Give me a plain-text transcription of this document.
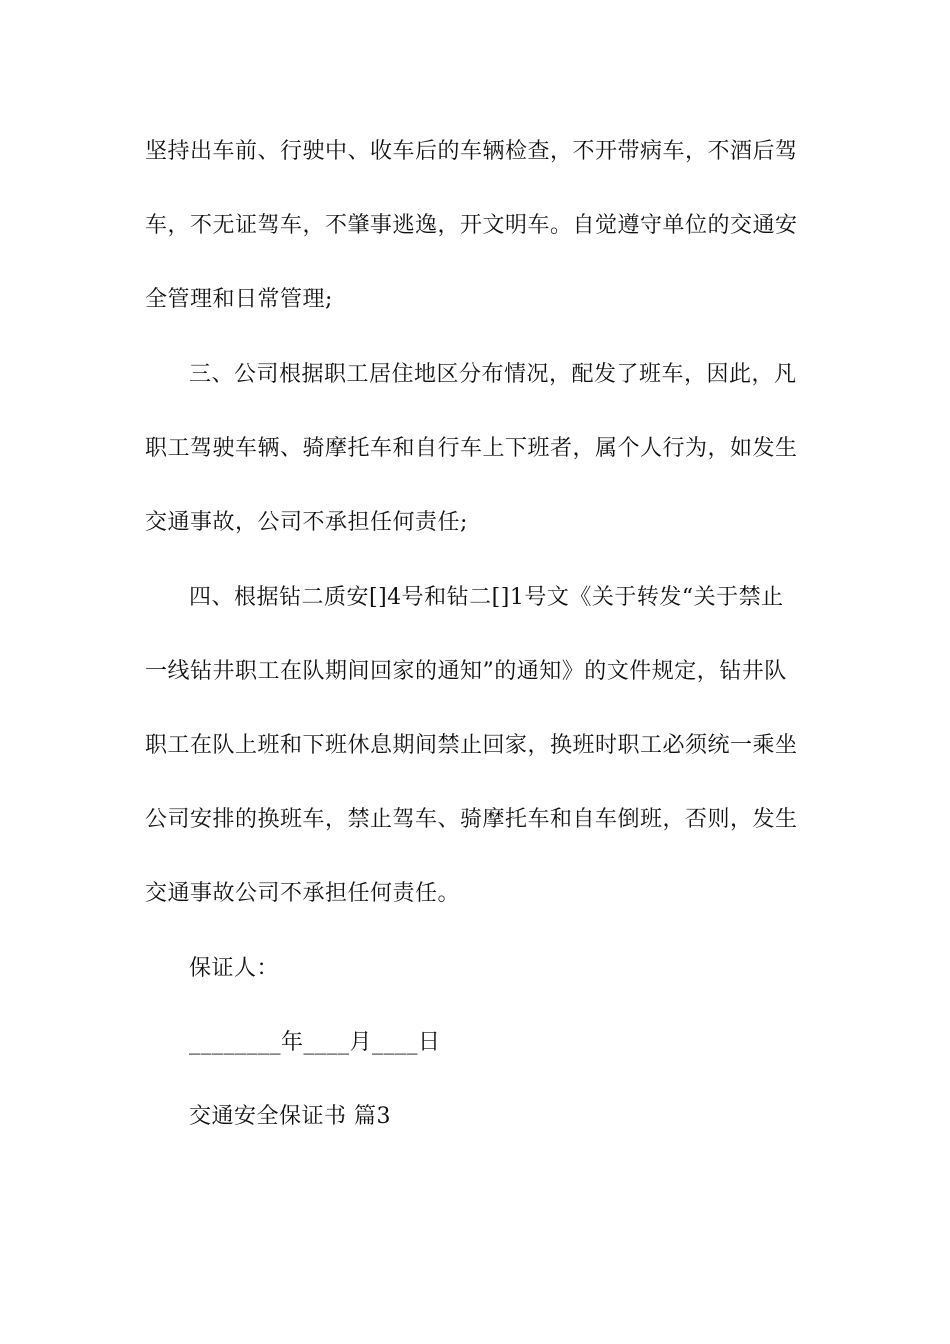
坚持出车前、行驶中、收车后的车辆检查，不开带病车，不酒后驾
车，不无证驾车，不肇事逃逸，开文明车。自觉遵守单位的交通安
全管理和日常管理;
三、公司根据职工居住地区分布情况，配发了班车，因此，凡
职工驾驶车辆、骑摩托车和自行车上下班者，属个人行为，如发生
交通事故，公司不承担任何责任;
四、根据钻二质安[]4号和钻二[]1号文《关于转发“关于禁止
一线钻井职工在队期间回家的通知”的通知》的文件规定，钻井队
职工在队上班和下班休息期间禁止回家，换班时职工必须统一乘坐
公司安排的换班车，禁止驾车、骑摩托车和自车倒班，否则，发生
交通事故公司不承担任何责任。
保证人：
________年____月____日
交通安全保证书 篇3
